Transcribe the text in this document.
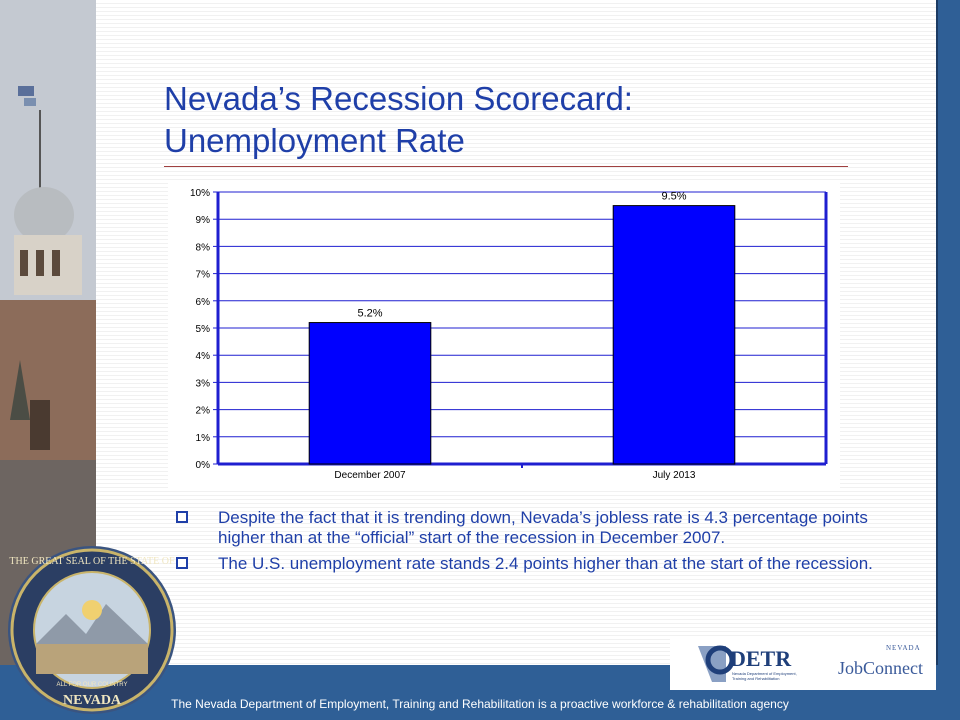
Nevada’s Recession Scorecard:
Unemployment Rate
0%
1%
2%
3%
4%
5%
6%
7%
8%
9%
10%
5.2%
December 2007
9.5%
July 2013
Despite the fact that it is trending down, Nevada’s jobless rate is 4.3 percentage points higher than at the “official” start of the recession in December 2007.
The U.S. unemployment rate stands 2.4 points higher than at the start of the recession.
The Nevada Department of Employment, Training and Rehabilitation is a proactive workforce & rehabilitation agency
DETR
Nevada Department of Employment,
Training and Rehabilitation
NEVADA
JobConnect
THE GREAT SEAL OF THE STATE OF
NEVADA
ALL FOR OUR COUNTRY
